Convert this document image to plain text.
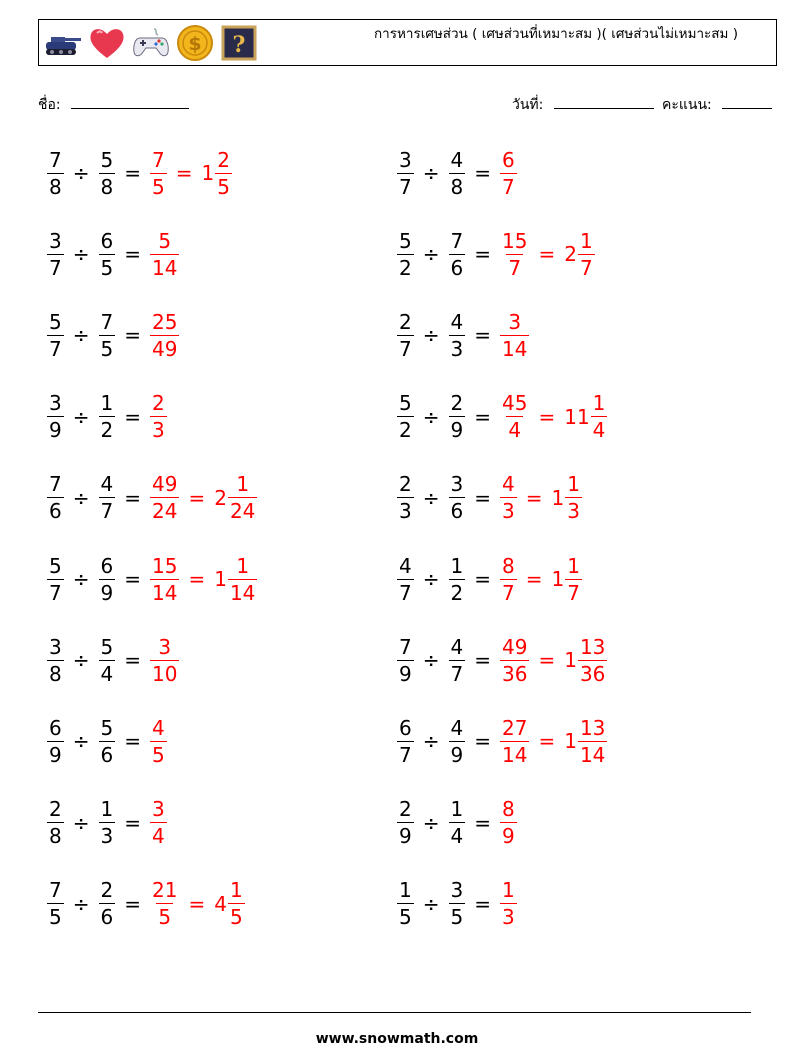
$ ?	การหารเศษส่วน ( เศษส่วนที่เหมาะสม )( เศษส่วนไม่เหมาะสม )
ชื่อ:	วันที่:	คะแนน:
$\frac{7}{8} \div \frac{5}{8} = \frac{7}{5} = 1 \frac{2}{5}$	$\frac{3}{7} \div \frac{4}{8} = \frac{6}{7}$
$\frac{3}{7} \div \frac{6}{5} = \frac{5}{14}$	$\frac{5}{2} \div \frac{7}{6} = \frac{15}{7} = 2 \frac{1}{7}$
$\frac{5}{7} \div \frac{7}{5} = \frac{25}{49}$	$\frac{2}{7} \div \frac{4}{3} = \frac{3}{14}$
$\frac{3}{9} \div \frac{1}{2} = \frac{2}{3}$	$\frac{5}{2} \div \frac{2}{9} = \frac{45}{4} = 11 \frac{1}{4}$
$\frac{7}{6} \div \frac{4}{7} = \frac{49}{24} = 2 \frac{1}{24}$	$\frac{2}{3} \div \frac{3}{6} = \frac{4}{3} = 1 \frac{1}{3}$
$\frac{5}{7} \div \frac{6}{9} = \frac{15}{14} = 1 \frac{1}{14}$	$\frac{4}{7} \div \frac{1}{2} = \frac{8}{7} = 1 \frac{1}{7}$
$\frac{3}{8} \div \frac{5}{4} = \frac{3}{10}$	$\frac{7}{9} \div \frac{4}{7} = \frac{49}{36} = 1 \frac{13}{36}$
$\frac{6}{9} \div \frac{5}{6} = \frac{4}{5}$	$\frac{6}{7} \div \frac{4}{9} = \frac{27}{14} = 1 \frac{13}{14}$
$\frac{2}{8} \div \frac{1}{3} = \frac{3}{4}$	$\frac{2}{9} \div \frac{1}{4} = \frac{8}{9}$
$\frac{7}{5} \div \frac{2}{6} = \frac{21}{5} = 4 \frac{1}{5}$	$\frac{1}{5} \div \frac{3}{5} = \frac{1}{3}$
www.snowmath.com
